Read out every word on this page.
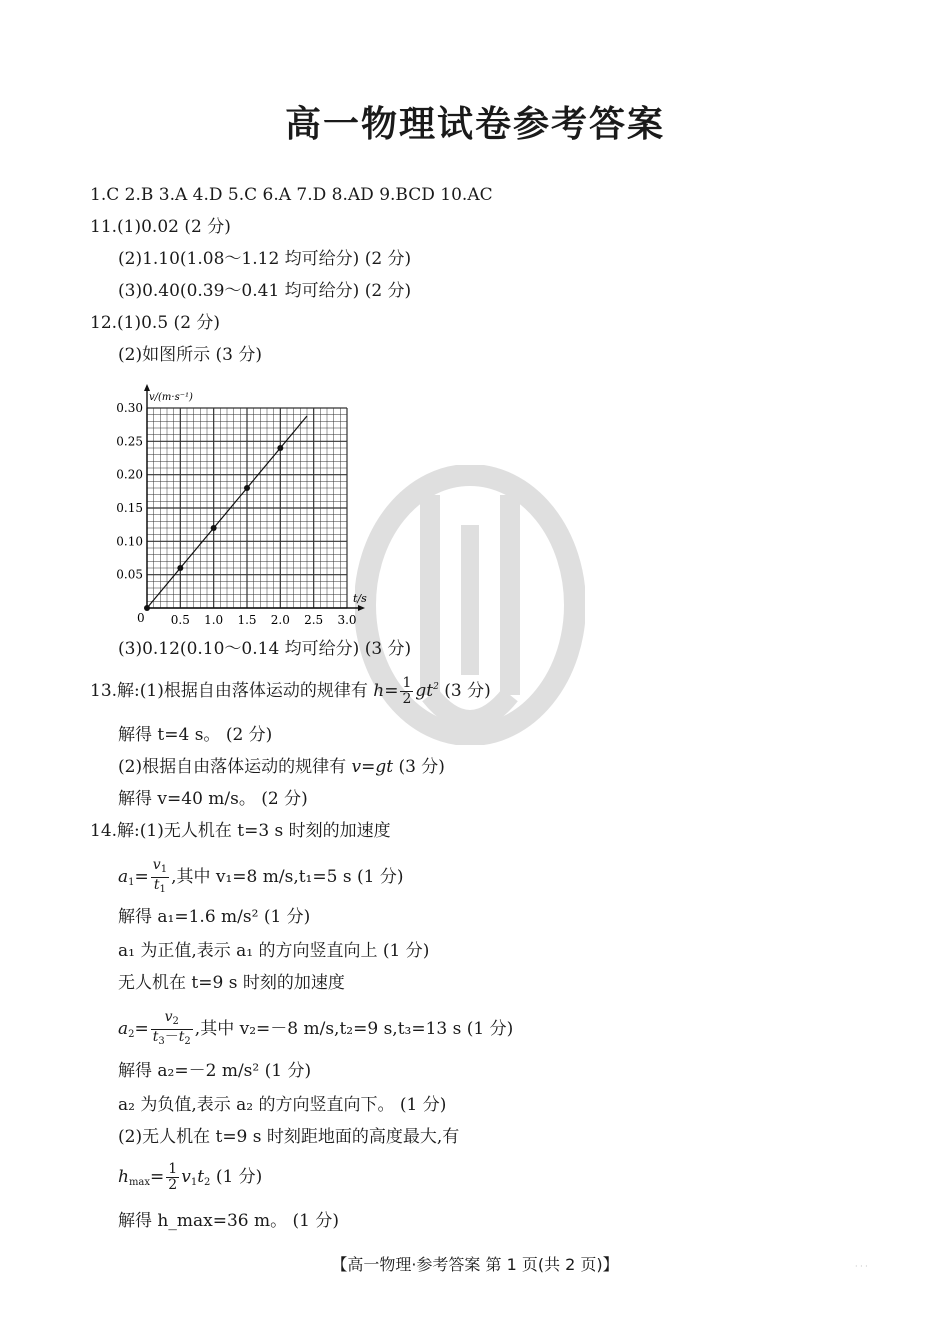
高一物理试卷参考答案
1.C 2.B 3.A 4.D 5.C 6.A 7.D 8.AD 9.BCD 10.AC
11.(1)0.02 (2 分)
(2)1.10(1.08～1.12 均可给分) (2 分)
(3)0.40(0.39～0.41 均可给分) (2 分)
12.(1)0.5 (2 分)
(2)如图所示 (3 分)
0.5 1.0 1.5 2.0 2.5 3.0
0.05
0.10
0.15
0.20
0.25
0.30
0
v/(m·s⁻¹)
t/s
(3)0.12(0.10～0.14 均可给分) (3 分)
13.解:(1)根据自由落体运动的规律有 $h= \frac{1}{2} gt^2$ (3 分)
解得 t=4 s。 (2 分)
(2)根据自由落体运动的规律有 v=gt (3 分)
解得 v=40 m/s。 (2 分)
14.解:(1)无人机在 t=3 s 时刻的加速度
$a_1= \frac{v_1}{t_1}$ ,其中 v₁=8 m/s,t₁=5 s (1 分)
解得 a₁=1.6 m/s² (1 分)
a₁ 为正值,表示 a₁ 的方向竖直向上 (1 分)
无人机在 t=9 s 时刻的加速度
$a_2= \frac{v_2}{t_3-t_2}$ ,其中 v₂=－8 m/s,t₂=9 s,t₃=13 s (1 分)
解得 a₂=－2 m/s² (1 分)
a₂ 为负值,表示 a₂ 的方向竖直向下。 (1 分)
(2)无人机在 t=9 s 时刻距地面的高度最大,有
$h_{max}= \frac{1}{2} v_1t_2$ (1 分)
解得 h_max=36 m。 (1 分)
【高一物理·参考答案 第 1 页(共 2 页)】	· · ·
